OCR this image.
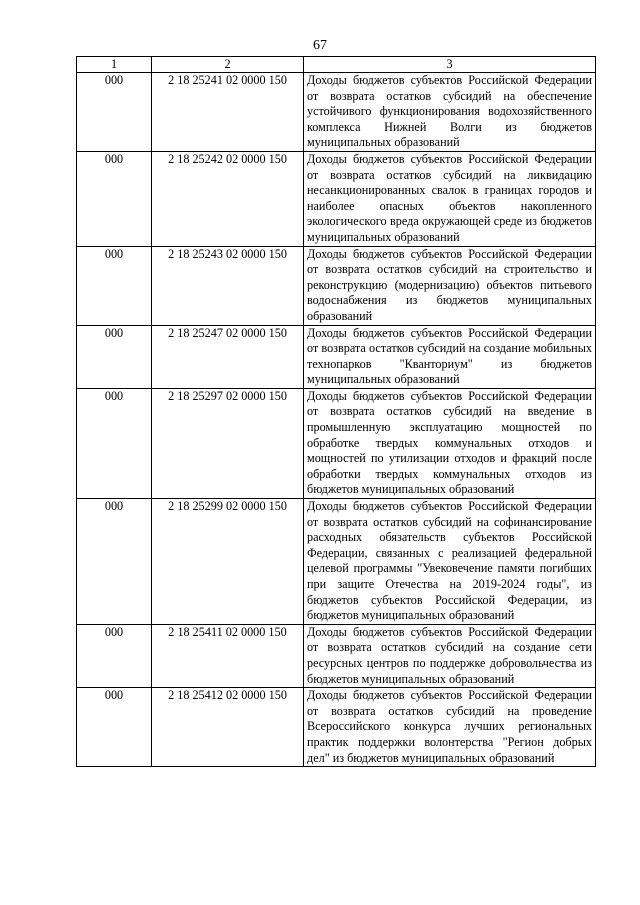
67
1	2	3
000	2 18 25241 02 0000 150	Доходы бюджетов субъектов Российской Федерации от возврата остатков субсидий на обеспечение устойчивого функционирования водохозяйственного комплекса Нижней Волги из бюджетов муниципальных образований
000	2 18 25242 02 0000 150	Доходы бюджетов субъектов Российской Федерации от возврата остатков субсидий на ликвидацию несанкционированных свалок в границах городов и наиболее опасных объектов накопленного экологического вреда окружающей среде из бюджетов муниципальных образований
000	2 18 25243 02 0000 150	Доходы бюджетов субъектов Российской Федерации от возврата остатков субсидий на строительство и реконструкцию (модернизацию) объектов питьевого водоснабжения из бюджетов муниципальных образований
000	2 18 25247 02 0000 150	Доходы бюджетов субъектов Российской Федерации от возврата остатков субсидий на создание мобильных технопарков "Кванториум" из бюджетов муниципальных образований
000	2 18 25297 02 0000 150	Доходы бюджетов субъектов Российской Федерации от возврата остатков субсидий на введение в промышленную эксплуатацию мощностей по обработке твердых коммунальных отходов и мощностей по утилизации отходов и фракций после обработки твердых коммунальных отходов из бюджетов муниципальных образований
000	2 18 25299 02 0000 150	Доходы бюджетов субъектов Российской Федерации от возврата остатков субсидий на софинансирование расходных обязательств субъектов Российской Федерации, связанных с реализацией федеральной целевой программы "Увековечение памяти погибших при защите Отечества на 2019-2024 годы", из бюджетов субъектов Российской Федерации, из бюджетов муниципальных образований
000	2 18 25411 02 0000 150	Доходы бюджетов субъектов Российской Федерации от возврата остатков субсидий на создание сети ресурсных центров по поддержке добровольчества из бюджетов муниципальных образований
000	2 18 25412 02 0000 150	Доходы бюджетов субъектов Российской Федерации от возврата остатков субсидий на проведение Всероссийского конкурса лучших региональных практик поддержки волонтерства "Регион добрых дел" из бюджетов муниципальных образований
